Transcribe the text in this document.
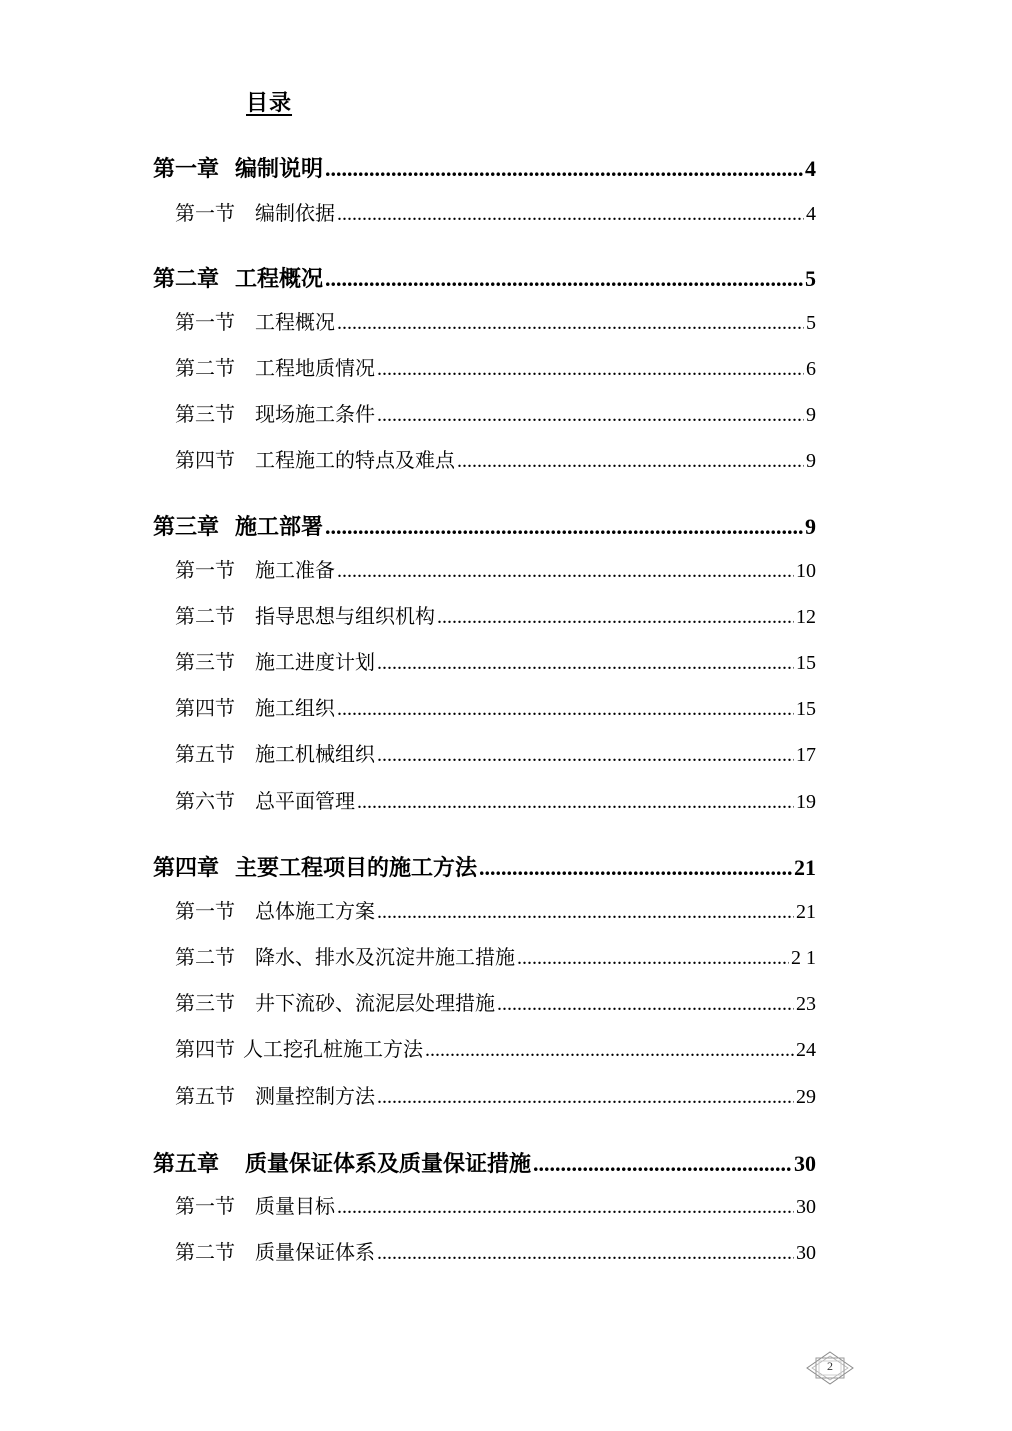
目录
第一章 编制说明 .....	4
第一节 编制依据 .....	4
第二章 工程概况 .....	5
第一节 工程概况 .....	5
第二节 工程地质情况 .....	6
第三节 现场施工条件 .....	9
第四节 工程施工的特点及难点 .....	9
第三章 施工部署 .....	9
第一节 施工准备 .....	10
第二节 指导思想与组织机构 .....	12
第三节 施工进度计划 .....	15
第四节 施工组织 .....	15
第五节 施工机械组织 .....	17
第六节 总平面管理 .....	19
第四章 主要工程项目的施工方法 .....	21
第一节 总体施工方案 .....	21
第二节 降水、排水及沉淀井施工措施 .....	2 1
第三节 井下流砂、流泥层处理措施 .....	23
第四节 人工挖孔桩施工方法 .....	24
第五节 测量控制方法 .....	29
第五章 质量保证体系及质量保证措施 .....	30
第一节 质量目标 .....	30
第二节 质量保证体系 .....	30
2
